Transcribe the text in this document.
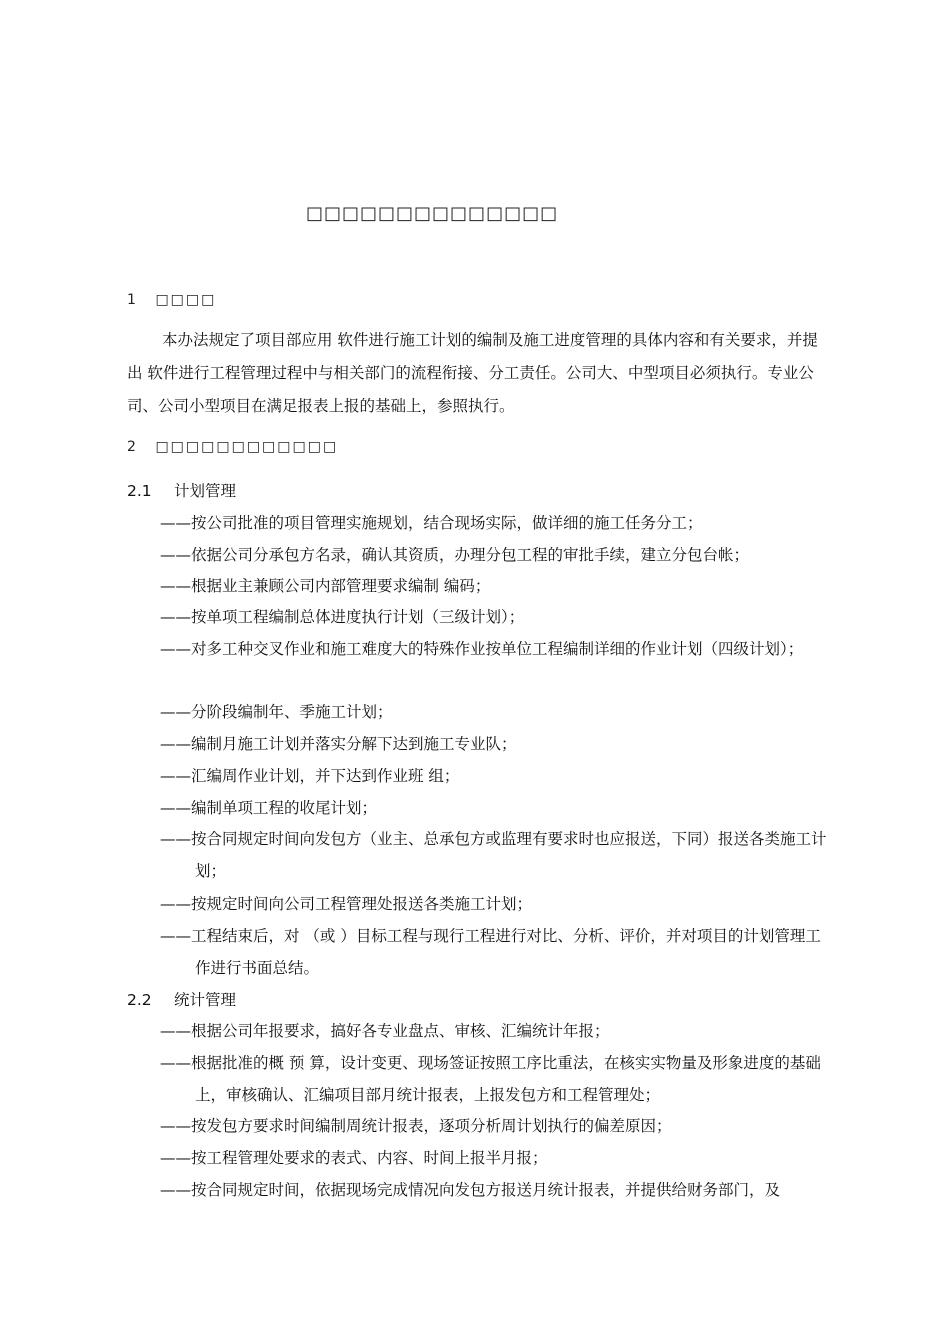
□□□□□□□□□□□□□□
1 □□□□

本办法规定了项目部应用 软件进行施工计划的编制及施工进度管理的具体内容和有关要求，并提出 软件进行工程管理过程中与相关部门的流程衔接、分工责任。公司大、中型项目必须执行。专业公司、公司小型项目在满足报表上报的基础上，参照执行。

2 □□□□□□□□□□□□
2.1 计划管理
——按公司批准的项目管理实施规划，结合现场实际，做详细的施工任务分工；
——依据公司分承包方名录，确认其资质，办理分包工程的审批手续，建立分包台帐；
——根据业主兼顾公司内部管理要求编制 编码；
——按单项工程编制总体进度执行计划（三级计划）；
——对多工种交叉作业和施工难度大的特殊作业按单位工程编制详细的作业计划（四级计划）；
——分阶段编制年、季施工计划；
——编制月施工计划并落实分解下达到施工专业队；
——汇编周作业计划，并下达到作业班 组；
——编制单项工程的收尾计划；
——按合同规定时间向发包方（业主、总承包方或监理有要求时也应报送，下同）报送各类施工计划；
——按规定时间向公司工程管理处报送各类施工计划；
——工程结束后，对 （或 ）目标工程与现行工程进行对比、分析、评价，并对项目的计划管理工作进行书面总结。
2.2 统计管理
——根据公司年报要求，搞好各专业盘点、审核、汇编统计年报；
——根据批准的概 预 算，设计变更、现场签证按照工序比重法，在核实实物量及形象进度的基础上，审核确认、汇编项目部月统计报表，上报发包方和工程管理处；
——按发包方要求时间编制周统计报表，逐项分析周计划执行的偏差原因；
——按工程管理处要求的表式、内容、时间上报半月报；
——按合同规定时间，依据现场完成情况向发包方报送月统计报表，并提供给财务部门，及
